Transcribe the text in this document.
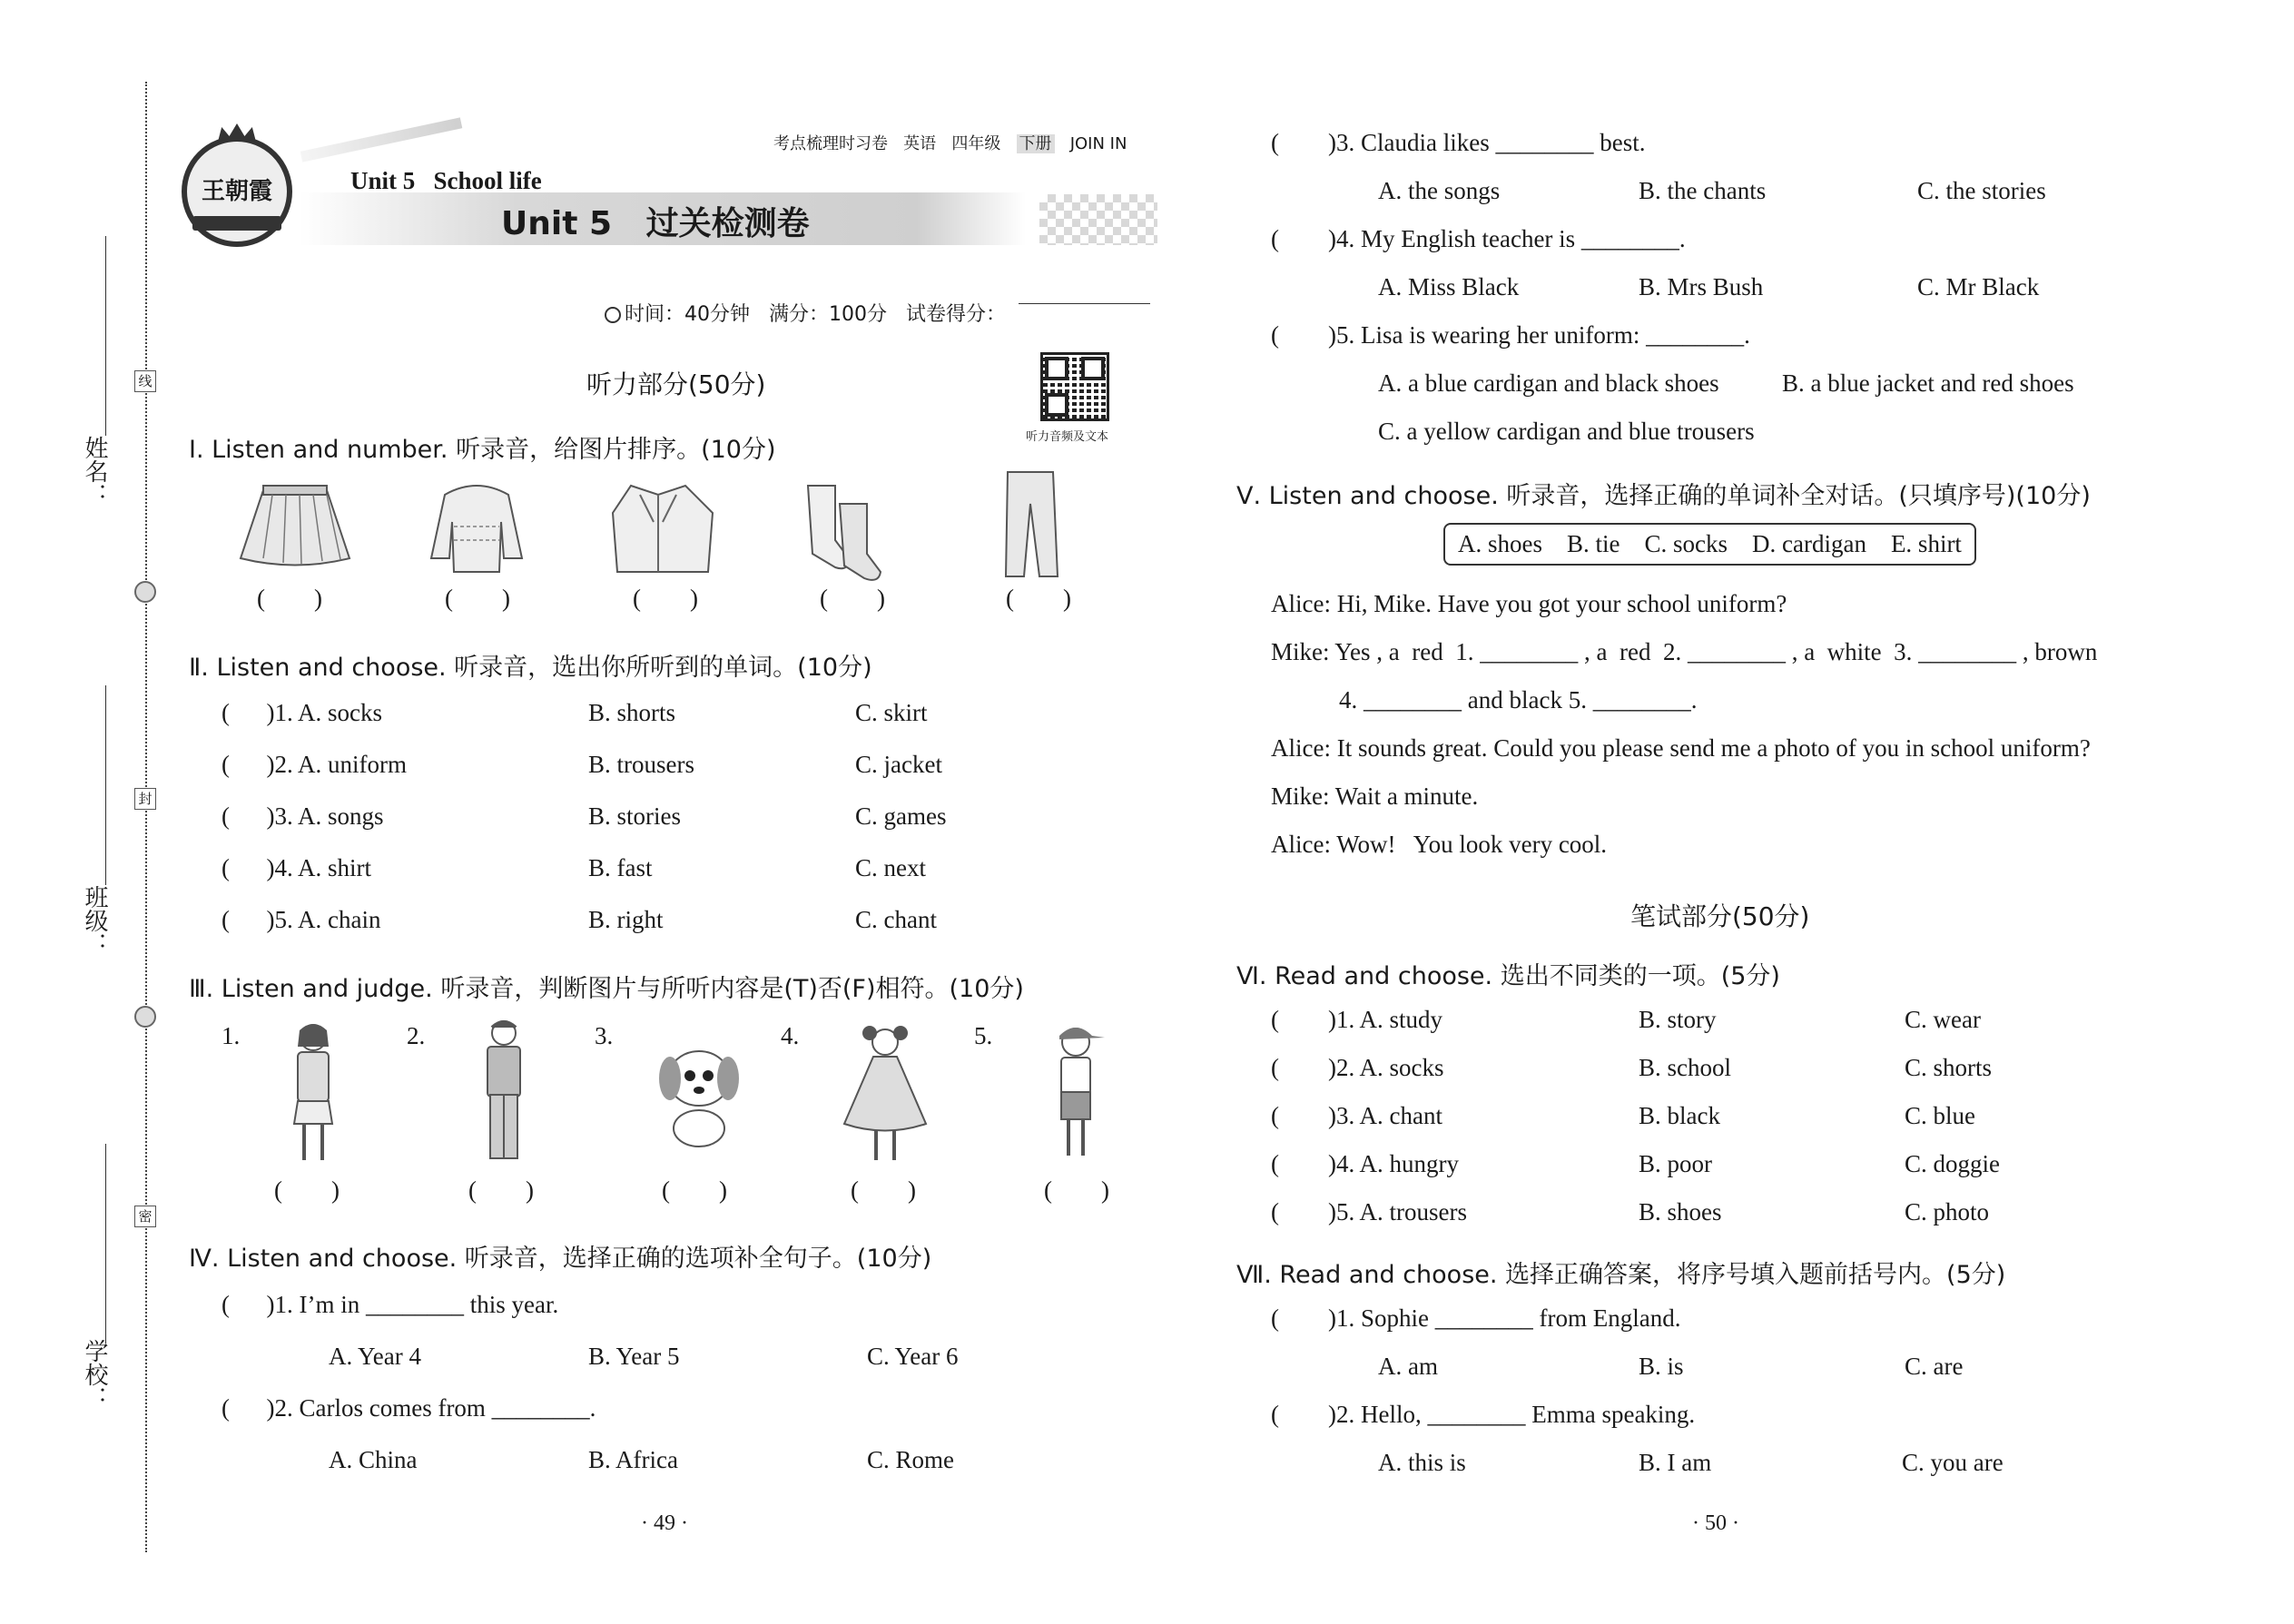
姓名：
班级：
学校：
线
封
密
王朝霞
考点梳理时习卷 英语 四年级 下册 JOIN IN
Unit 5   School life
Unit 5   过关检测卷

时间：40分钟   满分：100分   试卷得分：

听力部分(50分)
听力音频及文本
Ⅰ. Listen and number. 听录音，给图片排序。(10分)
(        )	(        )	(        )	(        )	(        )
Ⅱ. Listen and choose. 听录音，选出你所听到的单词。(10分)
(      )1. A. socks	B. shorts	C. skirt
(      )2. A. uniform	B. trousers	C. jacket
(      )3. A. songs	B. stories	C. games
(      )4. A. shirt	B. fast	C. next
(      )5. A. chain	B. right	C. chant
Ⅲ. Listen and judge. 听录音，判断图片与所听内容是(T)否(F)相符。(10分)
1.	2.	3.	4.	5.
(        )	(        )	(        )	(        )	(        )
Ⅳ. Listen and choose. 听录音，选择正确的选项补全句子。(10分)
(      )1. I’m in ________ this year.
A. Year 4	B. Year 5	C. Year 6
(      )2. Carlos comes from ________.
A. China	B. Africa	C. Rome
· 49 ·
(        )3. Claudia likes ________ best.
A. the songs	B. the chants	C. the stories
(        )4. My English teacher is ________.
A. Miss Black	B. Mrs Bush	C. Mr Black
(        )5. Lisa is wearing her uniform: ________.
A. a blue cardigan and black shoes	B. a blue jacket and red shoes
C. a yellow cardigan and blue trousers
Ⅴ. Listen and choose. 听录音，选择正确的单词补全对话。(只填序号)(10分)
A. shoes    B. tie    C. socks    D. cardigan    E. shirt
Alice: Hi, Mike. Have you got your school uniform?
Mike: Yes , a  red  1. ________ , a  red  2. ________ , a  white  3. ________ , brown
4. ________ and black 5. ________.
Alice: It sounds great. Could you please send me a photo of you in school uniform?
Mike: Wait a minute.
Alice: Wow!   You look very cool.
笔试部分(50分)
Ⅵ. Read and choose. 选出不同类的一项。(5分)
(        )1. A. study	B. story	C. wear
(        )2. A. socks	B. school	C. shorts
(        )3. A. chant	B. black	C. blue
(        )4. A. hungry	B. poor	C. doggie
(        )5. A. trousers	B. shoes	C. photo
Ⅶ. Read and choose. 选择正确答案，将序号填入题前括号内。(5分)
(        )1. Sophie ________ from England.
A. am	B. is	C. are
(        )2. Hello, ________ Emma speaking.
A. this is	B. I am	C. you are
· 50 ·
